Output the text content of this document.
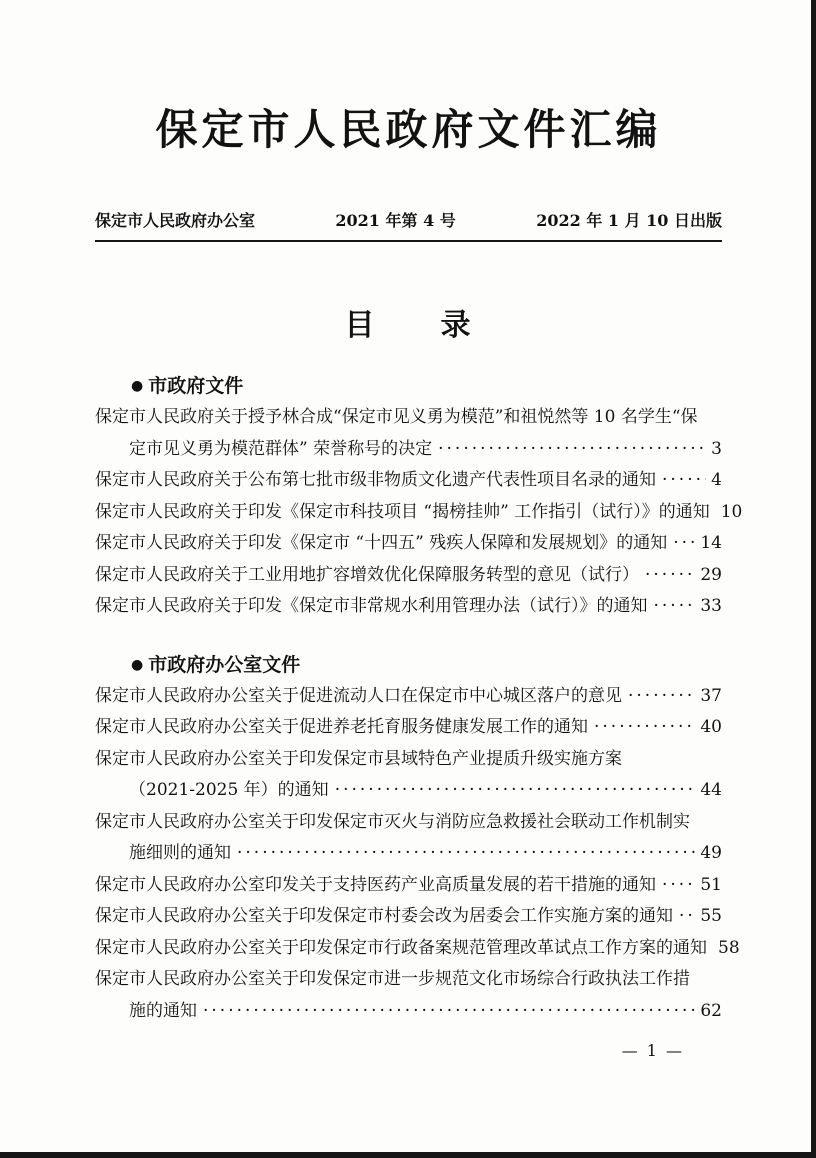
保定市人民政府文件汇编
保定市人民政府办公室	2021 年第 4 号	2022 年 1 月 10 日出版
目　　录
● 市政府文件
保定市人民政府关于授予林合成“保定市见义勇为模范”和祖悦然等 10 名学生“保
定市见义勇为模范群体” 荣誉称号的决定 ·····	3
保定市人民政府关于公布第七批市级非物质文化遗产代表性项目名录的通知 ·····	4
保定市人民政府关于印发《保定市科技项目 “揭榜挂帅” 工作指引（试行）》的通知 10
保定市人民政府关于印发《保定市 “十四五” 残疾人保障和发展规划》的通知 ····· 14
保定市人民政府关于工业用地扩容增效优化保障服务转型的意见（试行） ·····	29
保定市人民政府关于印发《保定市非常规水利用管理办法（试行）》的通知 ·····	33
● 市政府办公室文件
保定市人民政府办公室关于促进流动人口在保定市中心城区落户的意见 ·····	37
保定市人民政府办公室关于促进养老托育服务健康发展工作的通知 ·····	40
保定市人民政府办公室关于印发保定市县域特色产业提质升级实施方案
（2021-2025 年）的通知 ·····	44
保定市人民政府办公室关于印发保定市灭火与消防应急救援社会联动工作机制实
施细则的通知 ·····	49
保定市人民政府办公室印发关于支持医药产业高质量发展的若干措施的通知 ·····	51
保定市人民政府办公室关于印发保定市村委会改为居委会工作实施方案的通知 ····· 55
保定市人民政府办公室关于印发保定市行政备案规范管理改革试点工作方案的通知 58
保定市人民政府办公室关于印发保定市进一步规范文化市场综合行政执法工作措
施的通知 ·····	62
— 1 —
